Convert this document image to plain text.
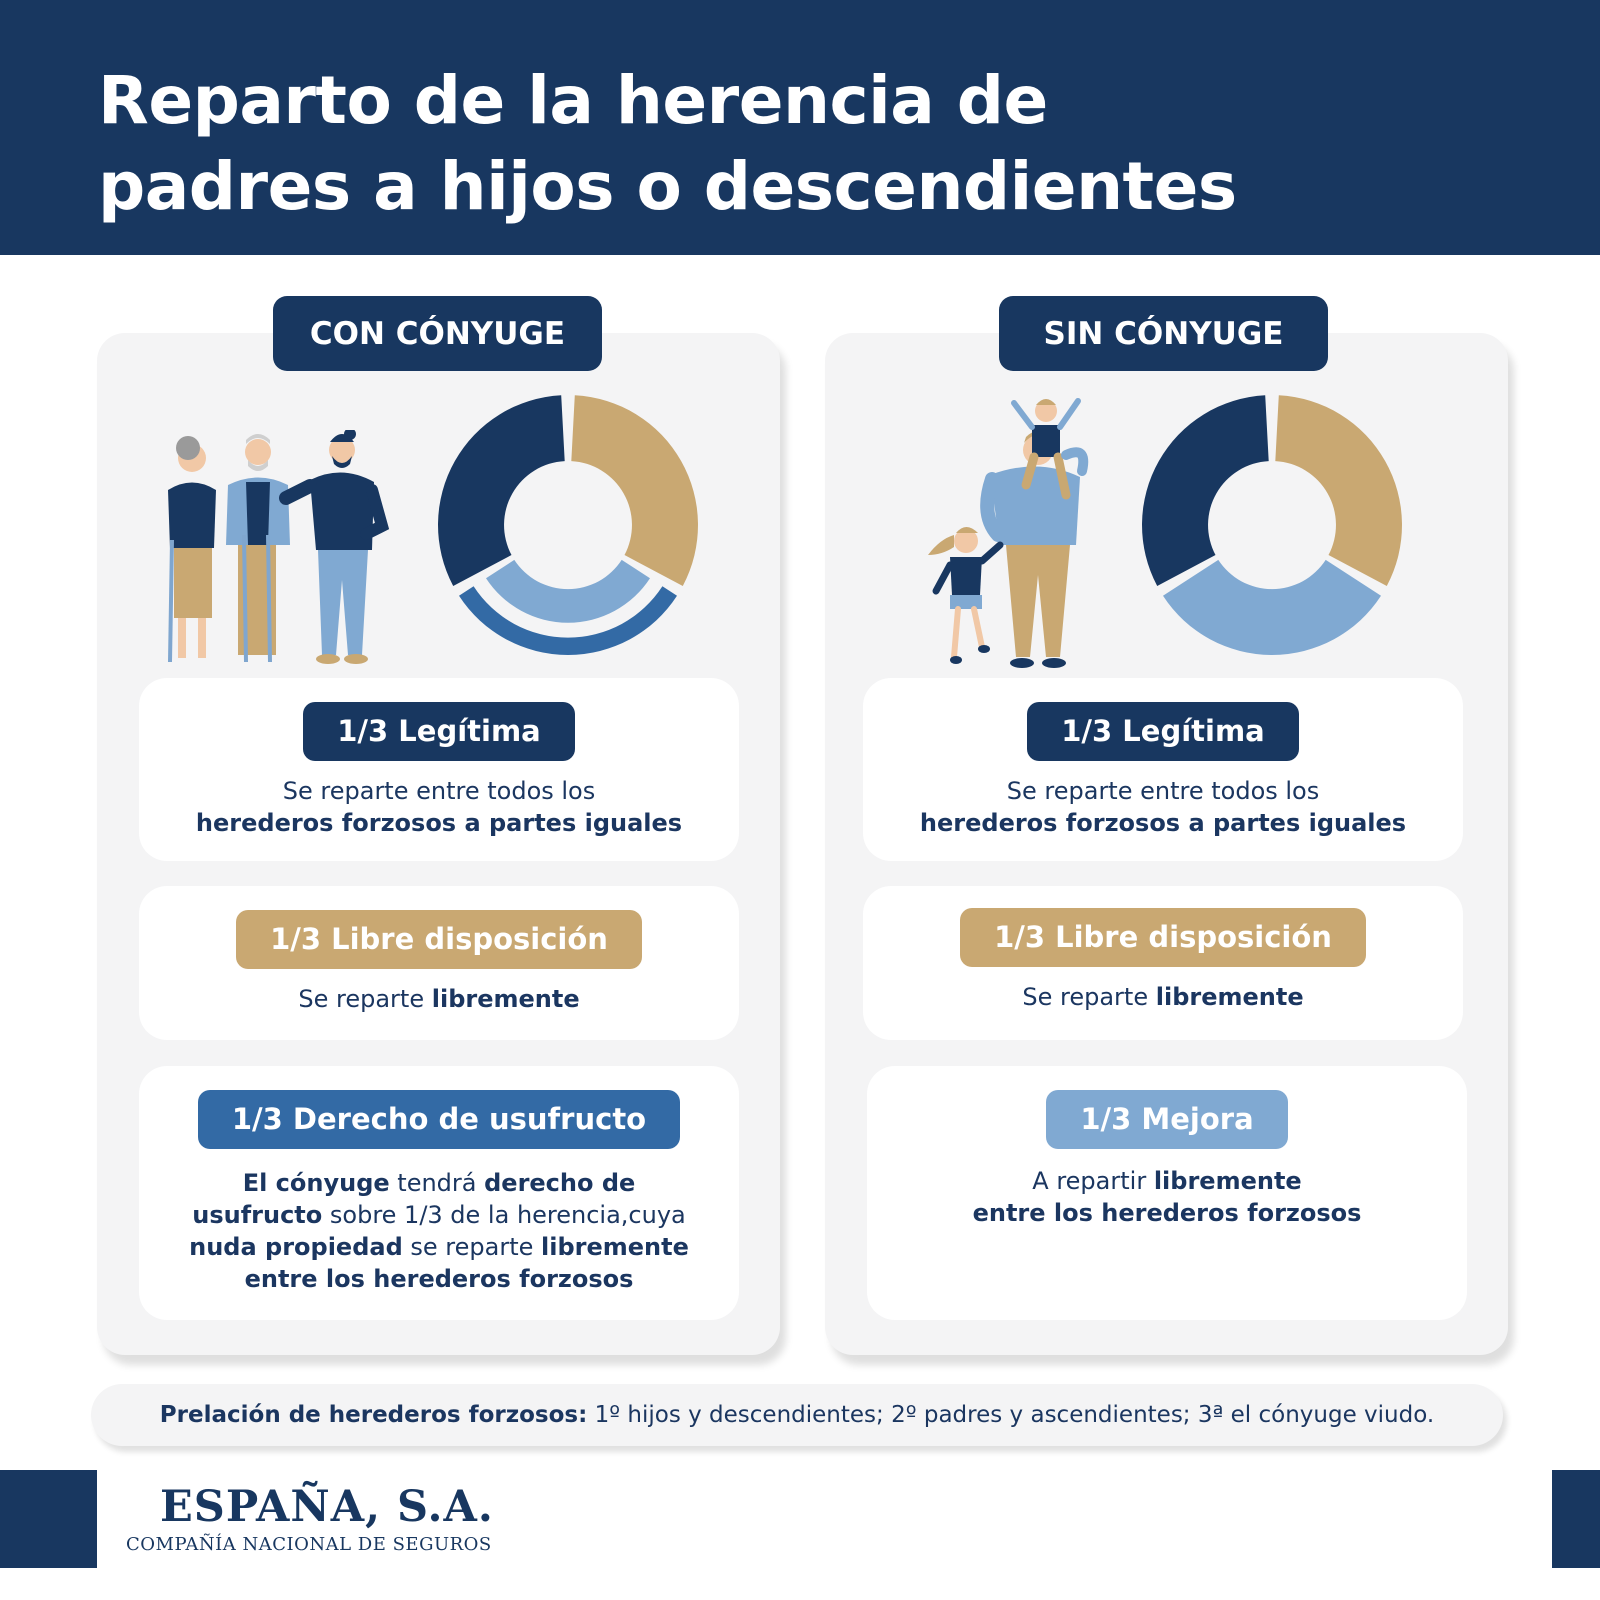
Reparto de la herencia de
padres a hijos o descendientes
CON CÓNYUGE	SIN CÓNYUGE
1/3 Legítima
Se reparte entre todos los
herederos forzosos a partes iguales
1/3 Libre disposición
Se reparte libremente
1/3 Derecho de usufructo
El cónyuge tendrá derecho de
usufructo sobre 1/3 de la herencia,cuya
nuda propiedad se reparte libremente
entre los herederos forzosos
1/3 Legítima
Se reparte entre todos los
herederos forzosos a partes iguales
1/3 Libre disposición
Se reparte libremente
1/3 Mejora
A repartir libremente
entre los herederos forzosos
Prelación de herederos forzosos: 1º hijos y descendientes; 2º padres y ascendientes; 3ª el cónyuge viudo.
ESPAÑA, S.A.
COMPAÑÍA NACIONAL DE SEGUROS
